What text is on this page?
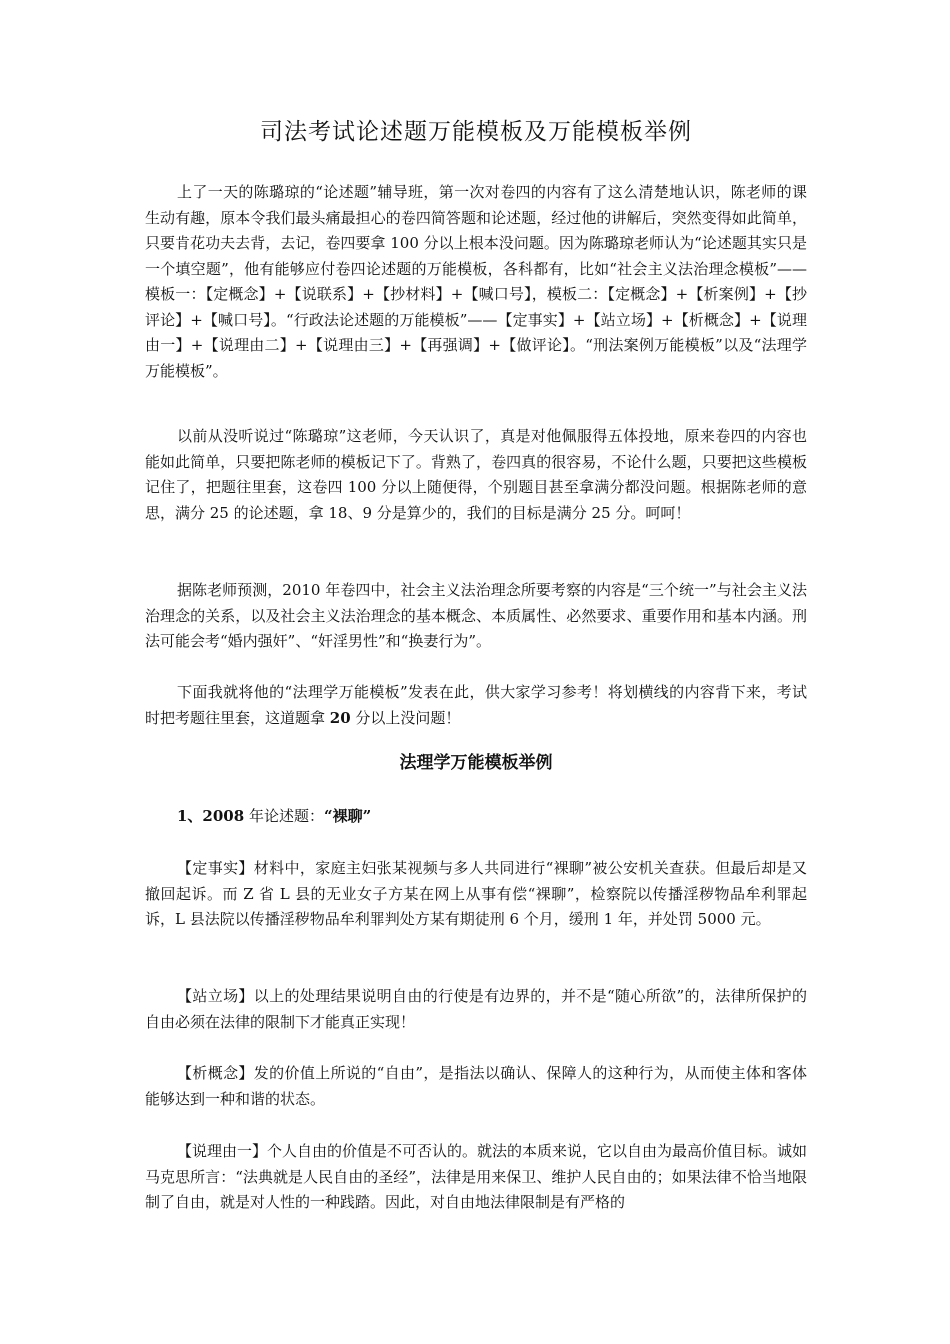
司法考试论述题万能模板及万能模板举例

上了一天的陈璐琼的“论述题”辅导班，第一次对卷四的内容有了这么清楚地认识，陈老师的课生动有趣，原本令我们最头痛最担心的卷四简答题和论述题，经过他的讲解后，突然变得如此简单，只要肯花功夫去背，去记，卷四要拿 100 分以上根本没问题。因为陈璐琼老师认为“论述题其实只是一个填空题”，他有能够应付卷四论述题的万能模板，各科都有，比如“社会主义法治理念模板”——模板一：【定概念】+【说联系】+【抄材料】+【喊口号】，模板二：【定概念】+【析案例】+【抄评论】+【喊口号】。“行政法论述题的万能模板”——【定事实】+【站立场】+【析概念】+【说理由一】+【说理由二】+【说理由三】+【再强调】+【做评论】。“刑法案例万能模板”以及“法理学万能模板”。

以前从没听说过“陈璐琼”这老师，今天认识了，真是对他佩服得五体投地，原来卷四的内容也能如此简单，只要把陈老师的模板记下了。背熟了，卷四真的很容易，不论什么题，只要把这些模板记住了，把题往里套，这卷四 100 分以上随便得，个别题目甚至拿满分都没问题。根据陈老师的意思，满分 25 的论述题，拿 18、9 分是算少的，我们的目标是满分 25 分。呵呵！

据陈老师预测，2010 年卷四中，社会主义法治理念所要考察的内容是“三个统一”与社会主义法治理念的关系，以及社会主义法治理念的基本概念、本质属性、必然要求、重要作用和基本内涵。刑法可能会考“婚内强奸”、“奸淫男性”和“换妻行为”。

下面我就将他的“法理学万能模板”发表在此，供大家学习参考！将划横线的内容背下来，考试时把考题往里套，这道题拿 20 分以上没问题！

法理学万能模板举例

1、2008 年论述题：“裸聊”

【定事实】材料中，家庭主妇张某视频与多人共同进行“裸聊”被公安机关查获。但最后却是又撤回起诉。而 Z 省 L 县的无业女子方某在网上从事有偿“裸聊”，检察院以传播淫秽物品牟利罪起诉，L 县法院以传播淫秽物品牟利罪判处方某有期徒刑 6 个月，缓刑 1 年，并处罚 5000 元。

【站立场】以上的处理结果说明自由的行使是有边界的，并不是“随心所欲”的，法律所保护的自由必须在法律的限制下才能真正实现！

【析概念】发的价值上所说的“自由”，是指法以确认、保障人的这种行为，从而使主体和客体能够达到一种和谐的状态。

【说理由一】个人自由的价值是不可否认的。就法的本质来说，它以自由为最高价值目标。诚如马克思所言：“法典就是人民自由的圣经”，法律是用来保卫、维护人民自由的；如果法律不恰当地限制了自由，就是对人性的一种践踏。因此，对自由地法律限制是有严格的
